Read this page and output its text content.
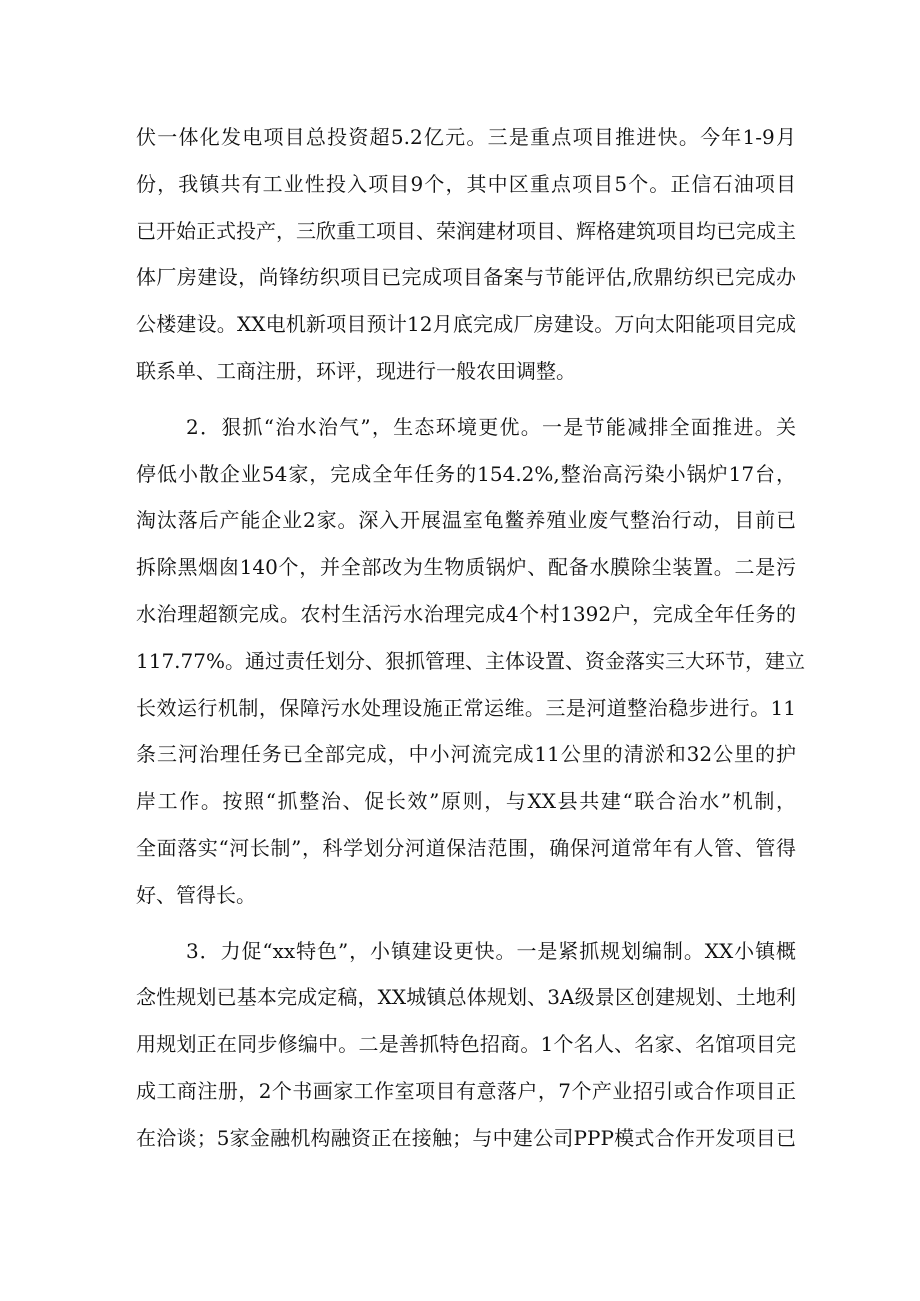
伏一体化发电项目总投资超5.2亿元。三是重点项目推进快。今年1-9月
份，我镇共有工业性投入项目9个，其中区重点项目5个。正信石油项目
已开始正式投产，三欣重工项目、荣润建材项目、辉格建筑项目均已完成主
体厂房建设，尚锋纺织项目已完成项目备案与节能评估,欣鼎纺织已完成办
公楼建设。XX电机新项目预计12月底完成厂房建设。万向太阳能项目完成
联系单、工商注册，环评，现进行一般农田调整。
2．狠抓“治水治气”，生态环境更优。一是节能减排全面推进。关
停低小散企业54家，完成全年任务的154.2%,整治高污染小锅炉17台，
淘汰落后产能企业2家。深入开展温室龟鳖养殖业废气整治行动，目前已
拆除黑烟囱140个，并全部改为生物质锅炉、配备水膜除尘装置。二是污
水治理超额完成。农村生活污水治理完成4个村1392户，完成全年任务的
117.77%。通过责任划分、狠抓管理、主体设置、资金落实三大环节，建立
长效运行机制，保障污水处理设施正常运维。三是河道整治稳步进行。11
条三河治理任务已全部完成，中小河流完成11公里的清淤和32公里的护
岸工作。按照“抓整治、促长效”原则，与XX县共建“联合治水”机制，
全面落实“河长制”，科学划分河道保洁范围，确保河道常年有人管、管得
好、管得长。
3．力促“xx特色”，小镇建设更快。一是紧抓规划编制。XX小镇概
念性规划已基本完成定稿，XX城镇总体规划、3A级景区创建规划、土地利
用规划正在同步修编中。二是善抓特色招商。1个名人、名家、名馆项目完
成工商注册，2个书画家工作室项目有意落户，7个产业招引或合作项目正
在洽谈；5家金融机构融资正在接触；与中建公司PPP模式合作开发项目已
